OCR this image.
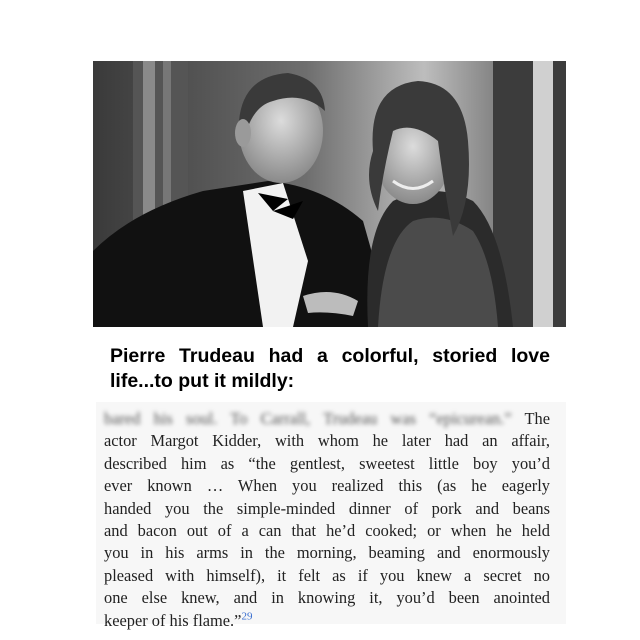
Pierre Trudeau had a colorful, storied love
life...to put it mildly:
bared his soul. To Carrall, Trudeau was “epicurean.” The
actor Margot Kidder, with whom he later had an affair,
described him as “the gentlest, sweetest little boy you’d
ever known … When you realized this (as he eagerly
handed you the simple-minded dinner of pork and beans
and bacon out of a can that he’d cooked; or when he held
you in his arms in the morning, beaming and enormously
pleased with himself), it felt as if you knew a secret no
one else knew, and in knowing it, you’d been anointed
keeper of his flame.”$^{29}$
